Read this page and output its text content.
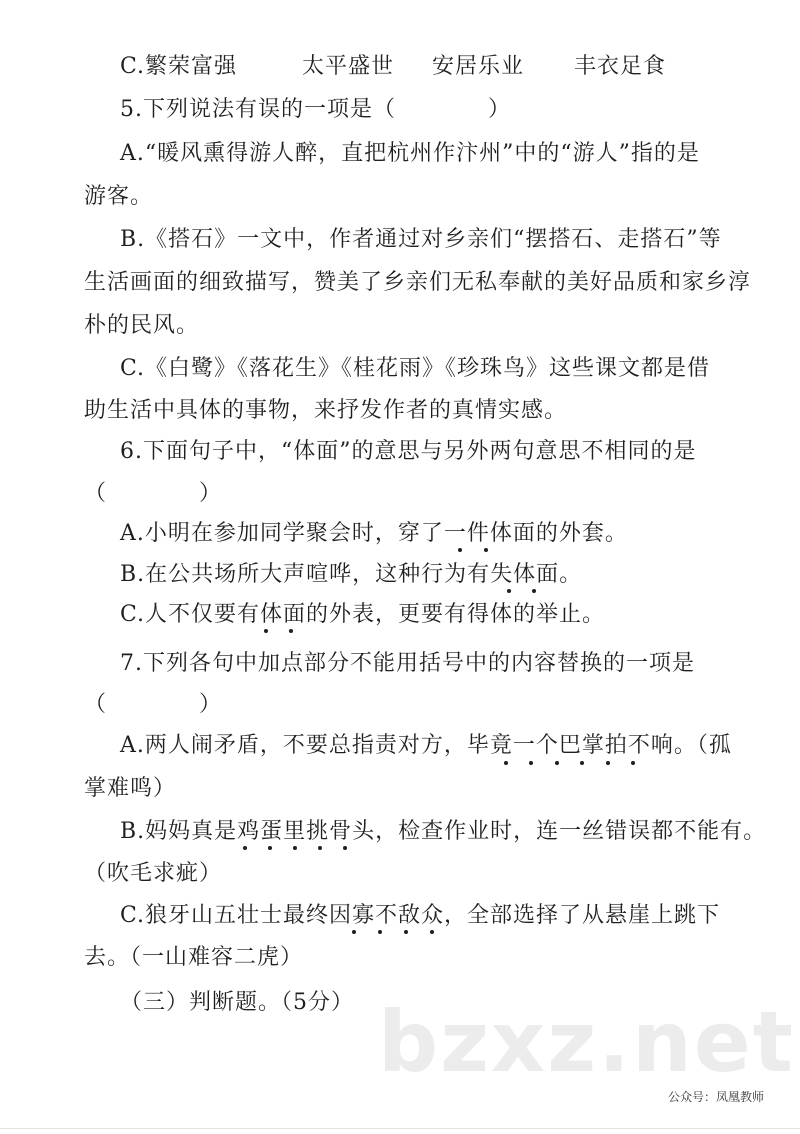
C.繁荣富强	太平盛世 安居乐业 丰衣足食
5.下列说法有误的一项是（　　　　）
A.“暖风熏得游人醉，直把杭州作汴州”中的“游人”指的是
游客。
B.《搭石》一文中，作者通过对乡亲们“摆搭石、走搭石”等
生活画面的细致描写，赞美了乡亲们无私奉献的美好品质和家乡淳
朴的民风。
C.《白鹭》《落花生》《桂花雨》《珍珠鸟》这些课文都是借
助生活中具体的事物，来抒发作者的真情实感。
6.下面句子中，“体面”的意思与另外两句意思不相同的是
（　　　　）
A.小明在参加同学聚会时，穿了一件体面的外套。
B.在公共场所大声喧哗，这种行为有失体面。
C.人不仅要有体面的外表，更要有得体的举止。
7.下列各句中加点部分不能用括号中的内容替换的一项是
（　　　　）
A.两人闹矛盾，不要总指责对方，毕竟一个巴掌拍不响。（孤
掌难鸣）
B.妈妈真是鸡蛋里挑骨头，检查作业时，连一丝错误都不能有。
（吹毛求疵）
C.狼牙山五壮士最终因寡不敌众，全部选择了从悬崖上跳下
去。（一山难容二虎）
（三）判断题。（5分） bzxz.net
公众号：凤凰教师
